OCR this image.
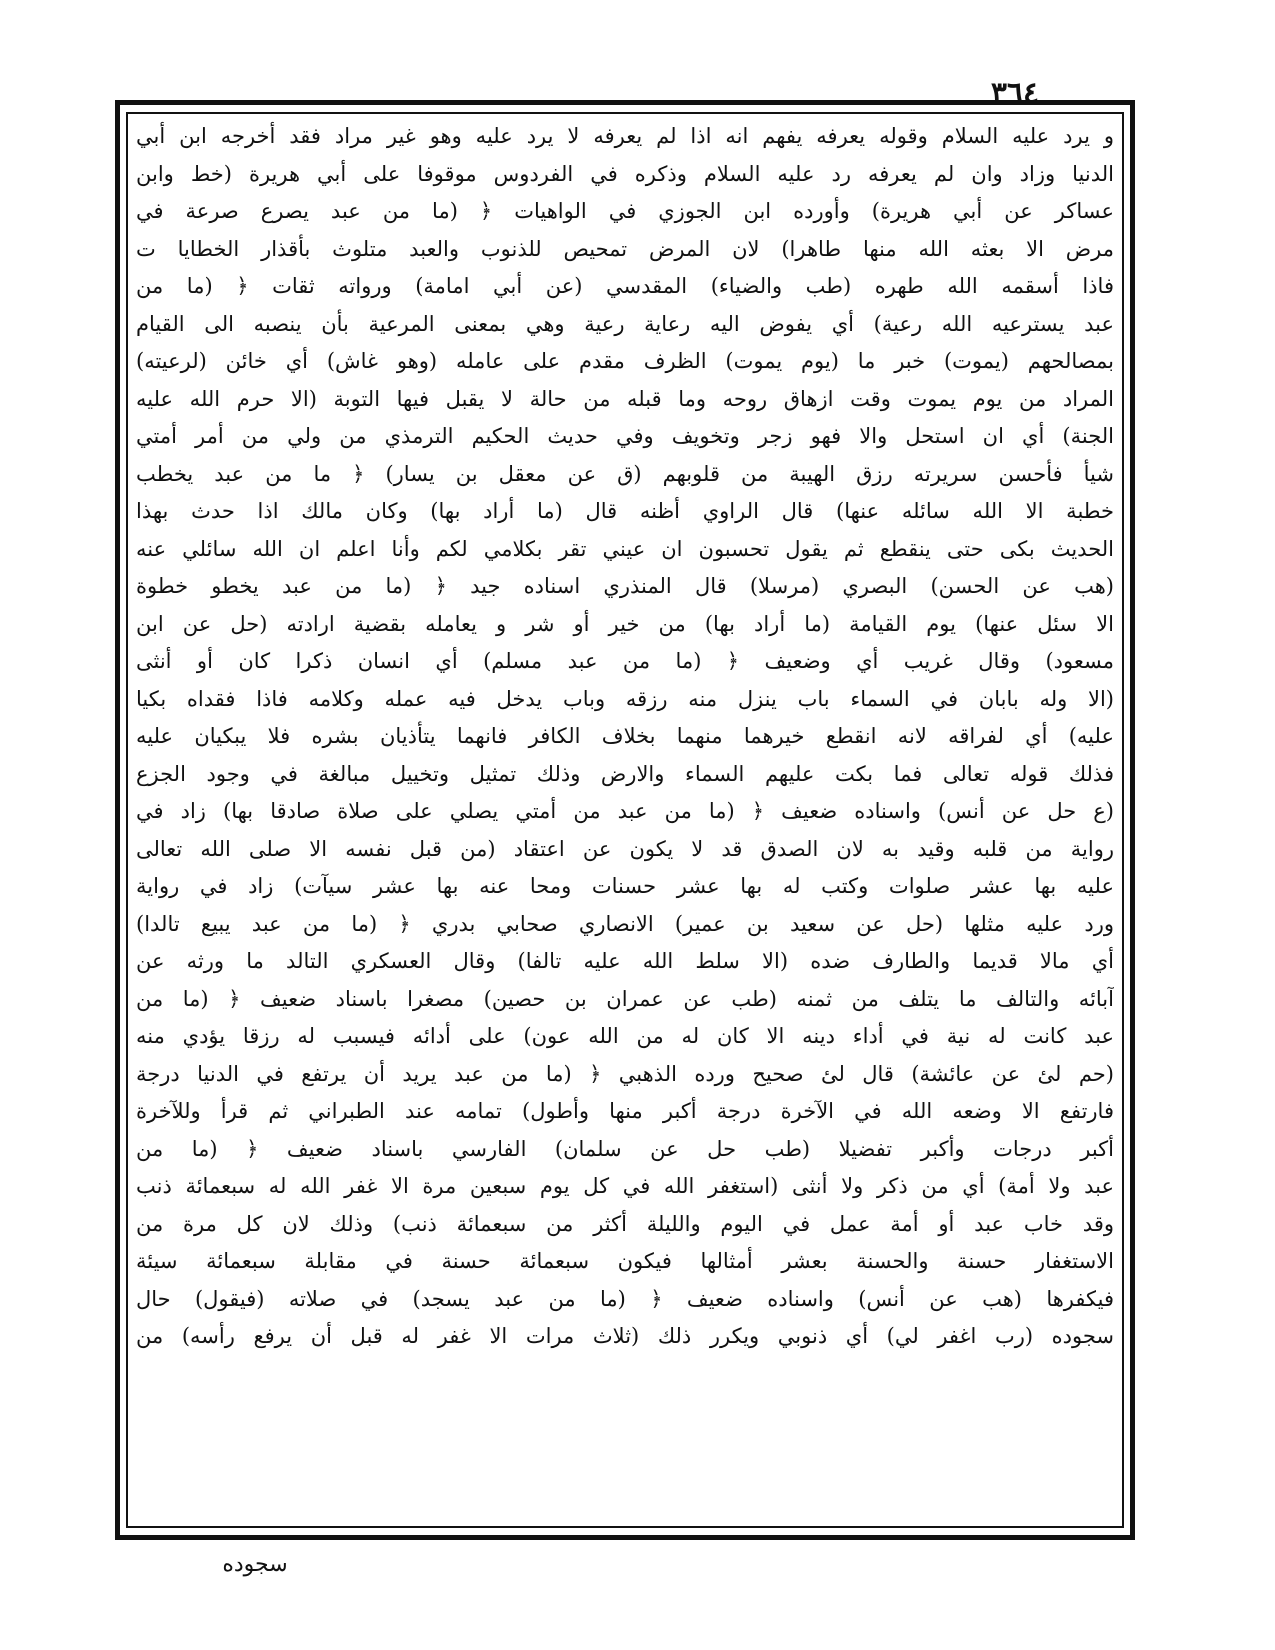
٣٦٤
و يرد عليه السلام وقوله يعرفه يفهم انه اذا لم يعرفه لا يرد عليه وهو غير مراد فقد أخرجه ابن أبي
الدنيا وزاد وان لم يعرفه رد عليه السلام وذكره في الفردوس موقوفا على أبي هريرة (خط وابن
عساكر عن أبي هريرة) وأورده ابن الجوزي في الواهيات ﴿ (ما من عبد يصرع صرعة في
مرض الا بعثه الله منها طاهرا) لان المرض تمحيص للذنوب والعبد متلوث بأقذار الخطايا ت
فاذا أسقمه الله طهره (طب والضياء) المقدسي (عن أبي امامة) ورواته ثقات ﴿ (ما من
عبد يسترعيه الله رعية) أي يفوض اليه رعاية رعية وهي بمعنى المرعية بأن ينصبه الى القيام
بمصالحهم (يموت) خبر ما (يوم يموت) الظرف مقدم على عامله (وهو غاش) أي خائن (لرعيته)
المراد من يوم يموت وقت ازهاق روحه وما قبله من حالة لا يقبل فيها التوبة (الا حرم الله عليه
الجنة) أي ان استحل والا فهو زجر وتخويف وفي حديث الحكيم الترمذي من ولي من أمر أمتي
شيأ فأحسن سريرته رزق الهيبة من قلوبهم (ق عن معقل بن يسار) ﴿ ما من عبد يخطب
خطبة الا الله سائله عنها) قال الراوي أظنه قال (ما أراد بها) وكان مالك اذا حدث بهذا
الحديث بكى حتى ينقطع ثم يقول تحسبون ان عيني تقر بكلامي لكم وأنا اعلم ان الله سائلي عنه
(هب عن الحسن) البصري (مرسلا) قال المنذري اسناده جيد ﴿ (ما من عبد يخطو خطوة
الا سئل عنها) يوم القيامة (ما أراد بها) من خير أو شر و يعامله بقضية ارادته (حل عن ابن
مسعود) وقال غريب أي وضعيف ﴿ (ما من عبد مسلم) أي انسان ذكرا كان أو أنثى
(الا وله بابان في السماء باب ينزل منه رزقه وباب يدخل فيه عمله وكلامه فاذا فقداه بكيا
عليه) أي لفراقه لانه انقطع خيرهما منهما بخلاف الكافر فانهما يتأذيان بشره فلا يبكيان عليه
فذلك قوله تعالى فما بكت عليهم السماء والارض وذلك تمثيل وتخييل مبالغة في وجود الجزع
(ع حل عن أنس) واسناده ضعيف ﴿ (ما من عبد من أمتي يصلي على صلاة صادقا بها) زاد في
رواية من قلبه وقيد به لان الصدق قد لا يكون عن اعتقاد (من قبل نفسه الا صلى الله تعالى
عليه بها عشر صلوات وكتب له بها عشر حسنات ومحا عنه بها عشر سيآت) زاد في رواية
ورد عليه مثلها (حل عن سعيد بن عمير) الانصاري صحابي بدري ﴿ (ما من عبد يبيع تالدا)
أي مالا قديما والطارف ضده (الا سلط الله عليه تالفا) وقال العسكري التالد ما ورثه عن
آبائه والتالف ما يتلف من ثمنه (طب عن عمران بن حصين) مصغرا باسناد ضعيف ﴿ (ما من
عبد كانت له نية في أداء دينه الا كان له من الله عون) على أدائه فيسبب له رزقا يؤدي منه
(حم لئ عن عائشة) قال لئ صحيح ورده الذهبي ﴿ (ما من عبد يريد أن يرتفع في الدنيا درجة
فارتفع الا وضعه الله في الآخرة درجة أكبر منها وأطول) تمامه عند الطبراني ثم قرأ وللآخرة
أكبر درجات وأكبر تفضيلا (طب حل عن سلمان) الفارسي باسناد ضعيف ﴿ (ما من
عبد ولا أمة) أي من ذكر ولا أنثى (استغفر الله في كل يوم سبعين مرة الا غفر الله له سبعمائة ذنب
وقد خاب عبد أو أمة عمل في اليوم والليلة أكثر من سبعمائة ذنب) وذلك لان كل مرة من
الاستغفار حسنة والحسنة بعشر أمثالها فيكون سبعمائة حسنة في مقابلة سبعمائة سيئة
فيكفرها (هب عن أنس) واسناده ضعيف ﴿ (ما من عبد يسجد) في صلاته (فيقول) حال
سجوده (رب اغفر لي) أي ذنوبي ويكرر ذلك (ثلاث مرات الا غفر له قبل أن يرفع رأسه) من
سجوده
